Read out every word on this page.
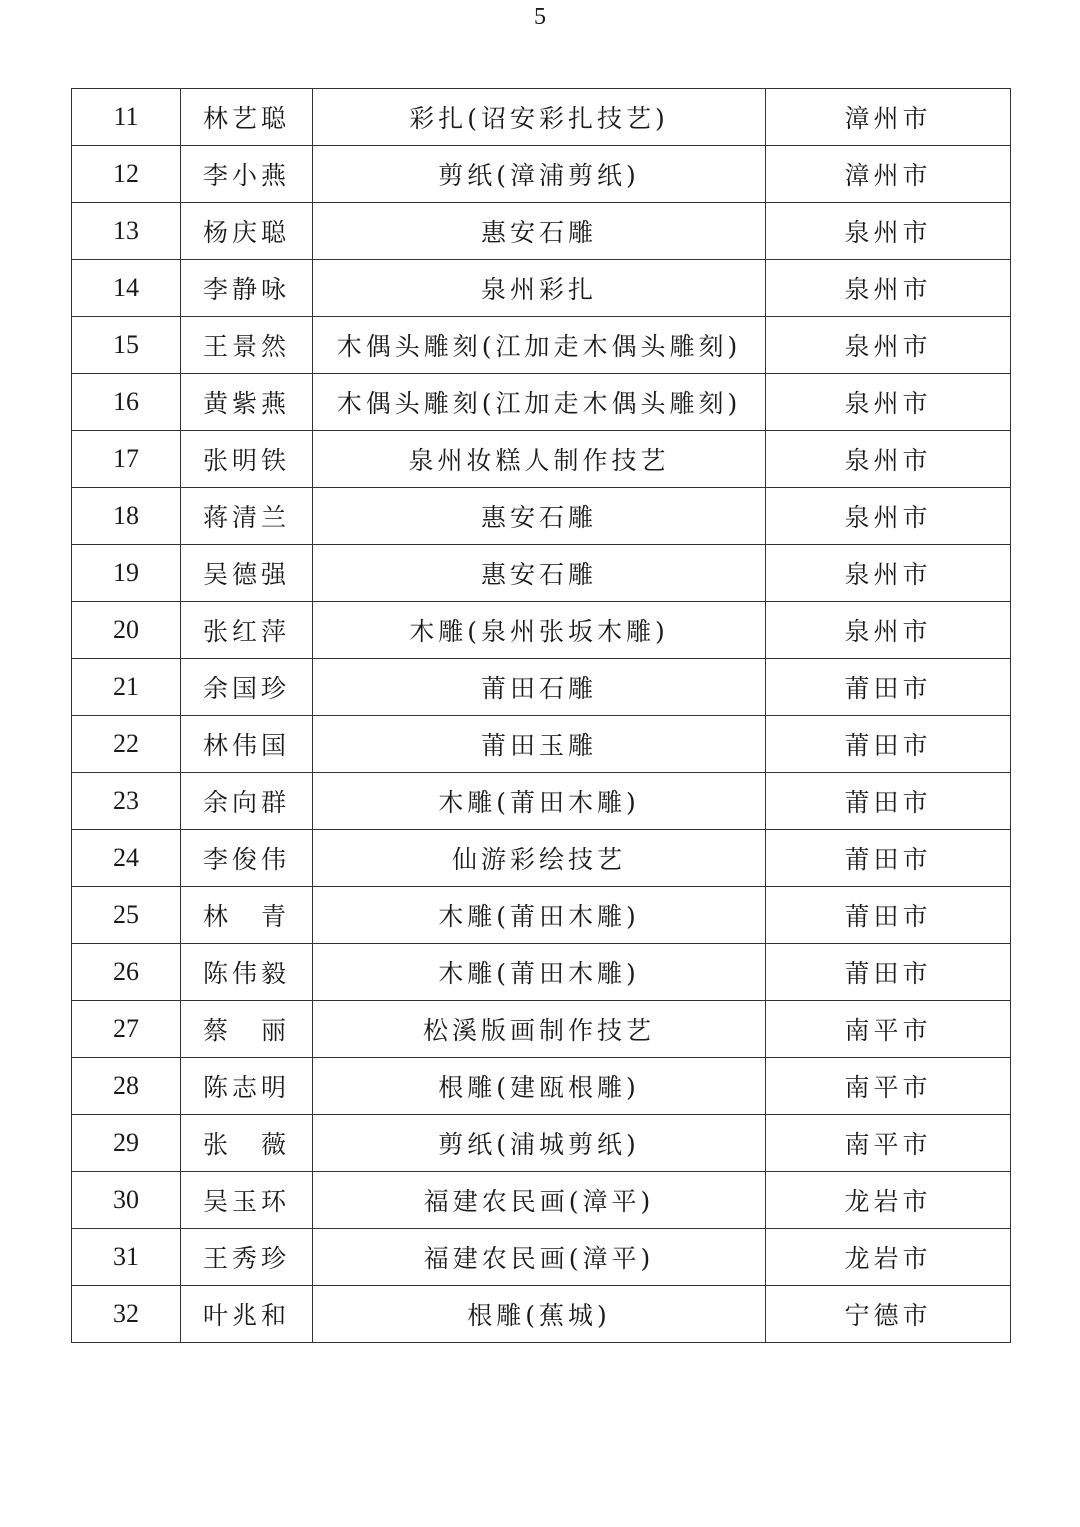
5
11	林艺聪	彩扎(诏安彩扎技艺)	漳州市
12	李小燕	剪纸(漳浦剪纸)	漳州市
13	杨庆聪	惠安石雕	泉州市
14	李静咏	泉州彩扎	泉州市
15	王景然	木偶头雕刻(江加走木偶头雕刻)	泉州市
16	黄紫燕	木偶头雕刻(江加走木偶头雕刻)	泉州市
17	张明铁	泉州妆糕人制作技艺	泉州市
18	蒋清兰	惠安石雕	泉州市
19	吴德强	惠安石雕	泉州市
20	张红萍	木雕(泉州张坂木雕)	泉州市
21	余国珍	莆田石雕	莆田市
22	林伟国	莆田玉雕	莆田市
23	余向群	木雕(莆田木雕)	莆田市
24	李俊伟	仙游彩绘技艺	莆田市
25	林　青	木雕(莆田木雕)	莆田市
26	陈伟毅	木雕(莆田木雕)	莆田市
27	蔡　丽	松溪版画制作技艺	南平市
28	陈志明	根雕(建瓯根雕)	南平市
29	张　薇	剪纸(浦城剪纸)	南平市
30	吴玉环	福建农民画(漳平)	龙岩市
31	王秀珍	福建农民画(漳平)	龙岩市
32	叶兆和	根雕(蕉城)	宁德市
